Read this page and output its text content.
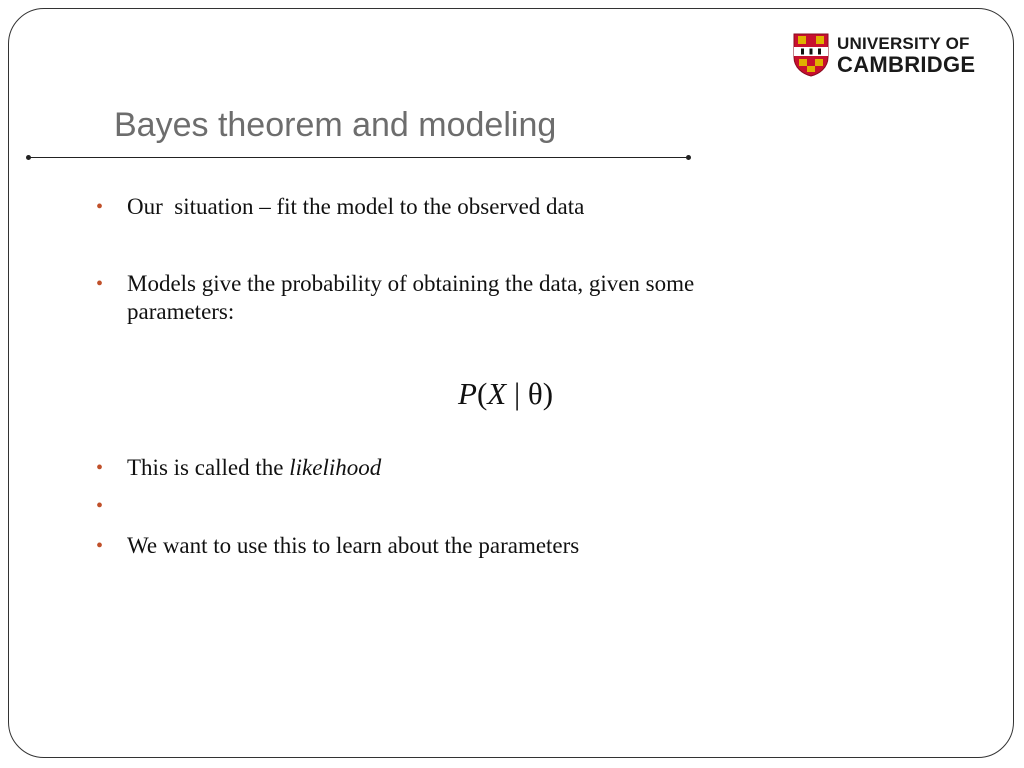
UNIVERSITY OF
CAMBRIDGE
Bayes theorem and modeling
•	Our  situation – fit the model to the observed data
•	Models give the probability of obtaining the data, given some
parameters:
P(X | θ)
•	This is called the likelihood
•
•	We want to use this to learn about the parameters
